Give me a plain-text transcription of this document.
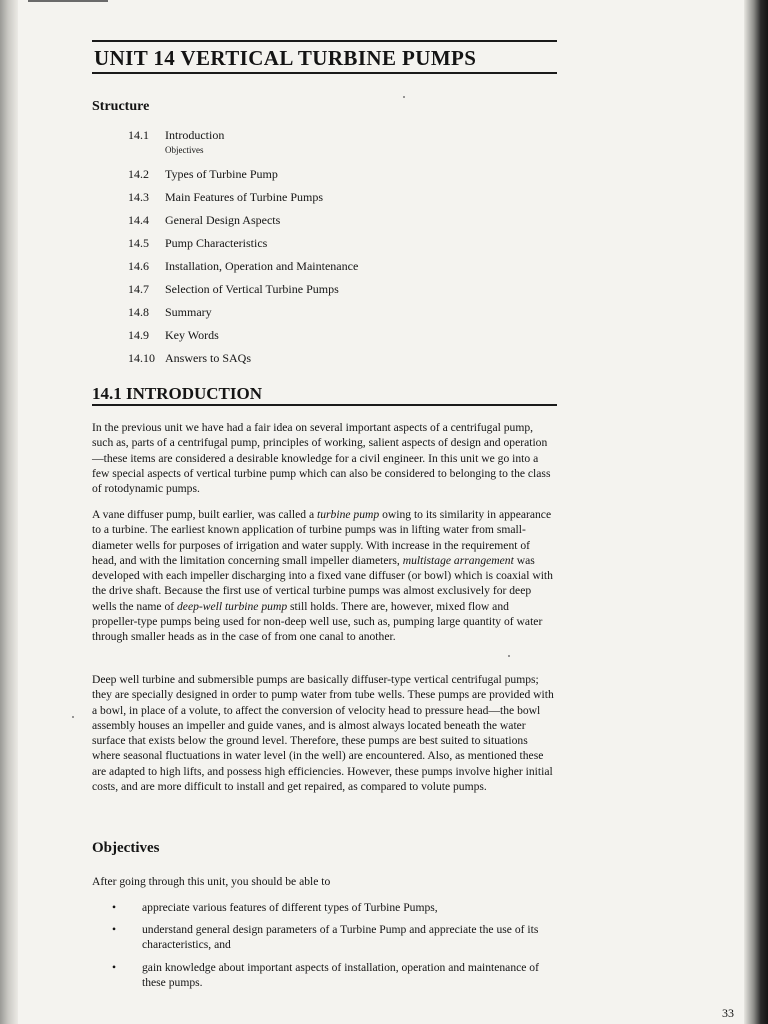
UNIT 14 VERTICAL TURBINE PUMPS
Structure
14.1 Introduction
Objectives
14.2 Types of Turbine Pump
14.3 Main Features of Turbine Pumps
14.4 General Design Aspects
14.5 Pump Characteristics
14.6 Installation, Operation and Maintenance
14.7 Selection of Vertical Turbine Pumps
14.8 Summary
14.9 Key Words
14.10 Answers to SAQs
14.1 INTRODUCTION

In the previous unit we have had a fair idea on several important aspects of a centrifugal pump, such as, parts of a centrifugal pump, principles of working, salient aspects of design and operation—these items are considered a desirable knowledge for a civil engineer. In this unit we go into a few special aspects of vertical turbine pump which can also be considered to belonging to the class of rotodynamic pumps.

A vane diffuser pump, built earlier, was called a turbine pump owing to its similarity in appearance to a turbine. The earliest known application of turbine pumps was in lifting water from small-diameter wells for purposes of irrigation and water supply. With increase in the requirement of head, and with the limitation concerning small impeller diameters, multistage arrangement was developed with each impeller discharging into a fixed vane diffuser (or bowl) which is coaxial with the drive shaft. Because the first use of vertical turbine pumps was almost exclusively for deep wells the name of deep-well turbine pump still holds. There are, however, mixed flow and propeller-type pumps being used for non-deep well use, such as, pumping large quantity of water through smaller heads as in the case of from one canal to another.

Deep well turbine and submersible pumps are basically diffuser-type vertical centrifugal pumps; they are specially designed in order to pump water from tube wells. These pumps are provided with a bowl, in place of a volute, to affect the conversion of velocity head to pressure head—the bowl assembly houses an impeller and guide vanes, and is almost always located beneath the water surface that exists below the ground level. Therefore, these pumps are best suited to situations where seasonal fluctuations in water level (in the well) are encountered. Also, as mentioned these are adapted to high lifts, and possess high efficiencies. However, these pumps involve higher initial costs, and are more difficult to install and get repaired, as compared to volute pumps.

Objectives
After going through this unit, you should be able to
• appreciate various features of different types of Turbine Pumps,
• understand general design parameters of a Turbine Pump and appreciate the use of its characteristics, and
• gain knowledge about important aspects of installation, operation and maintenance of these pumps.
33
